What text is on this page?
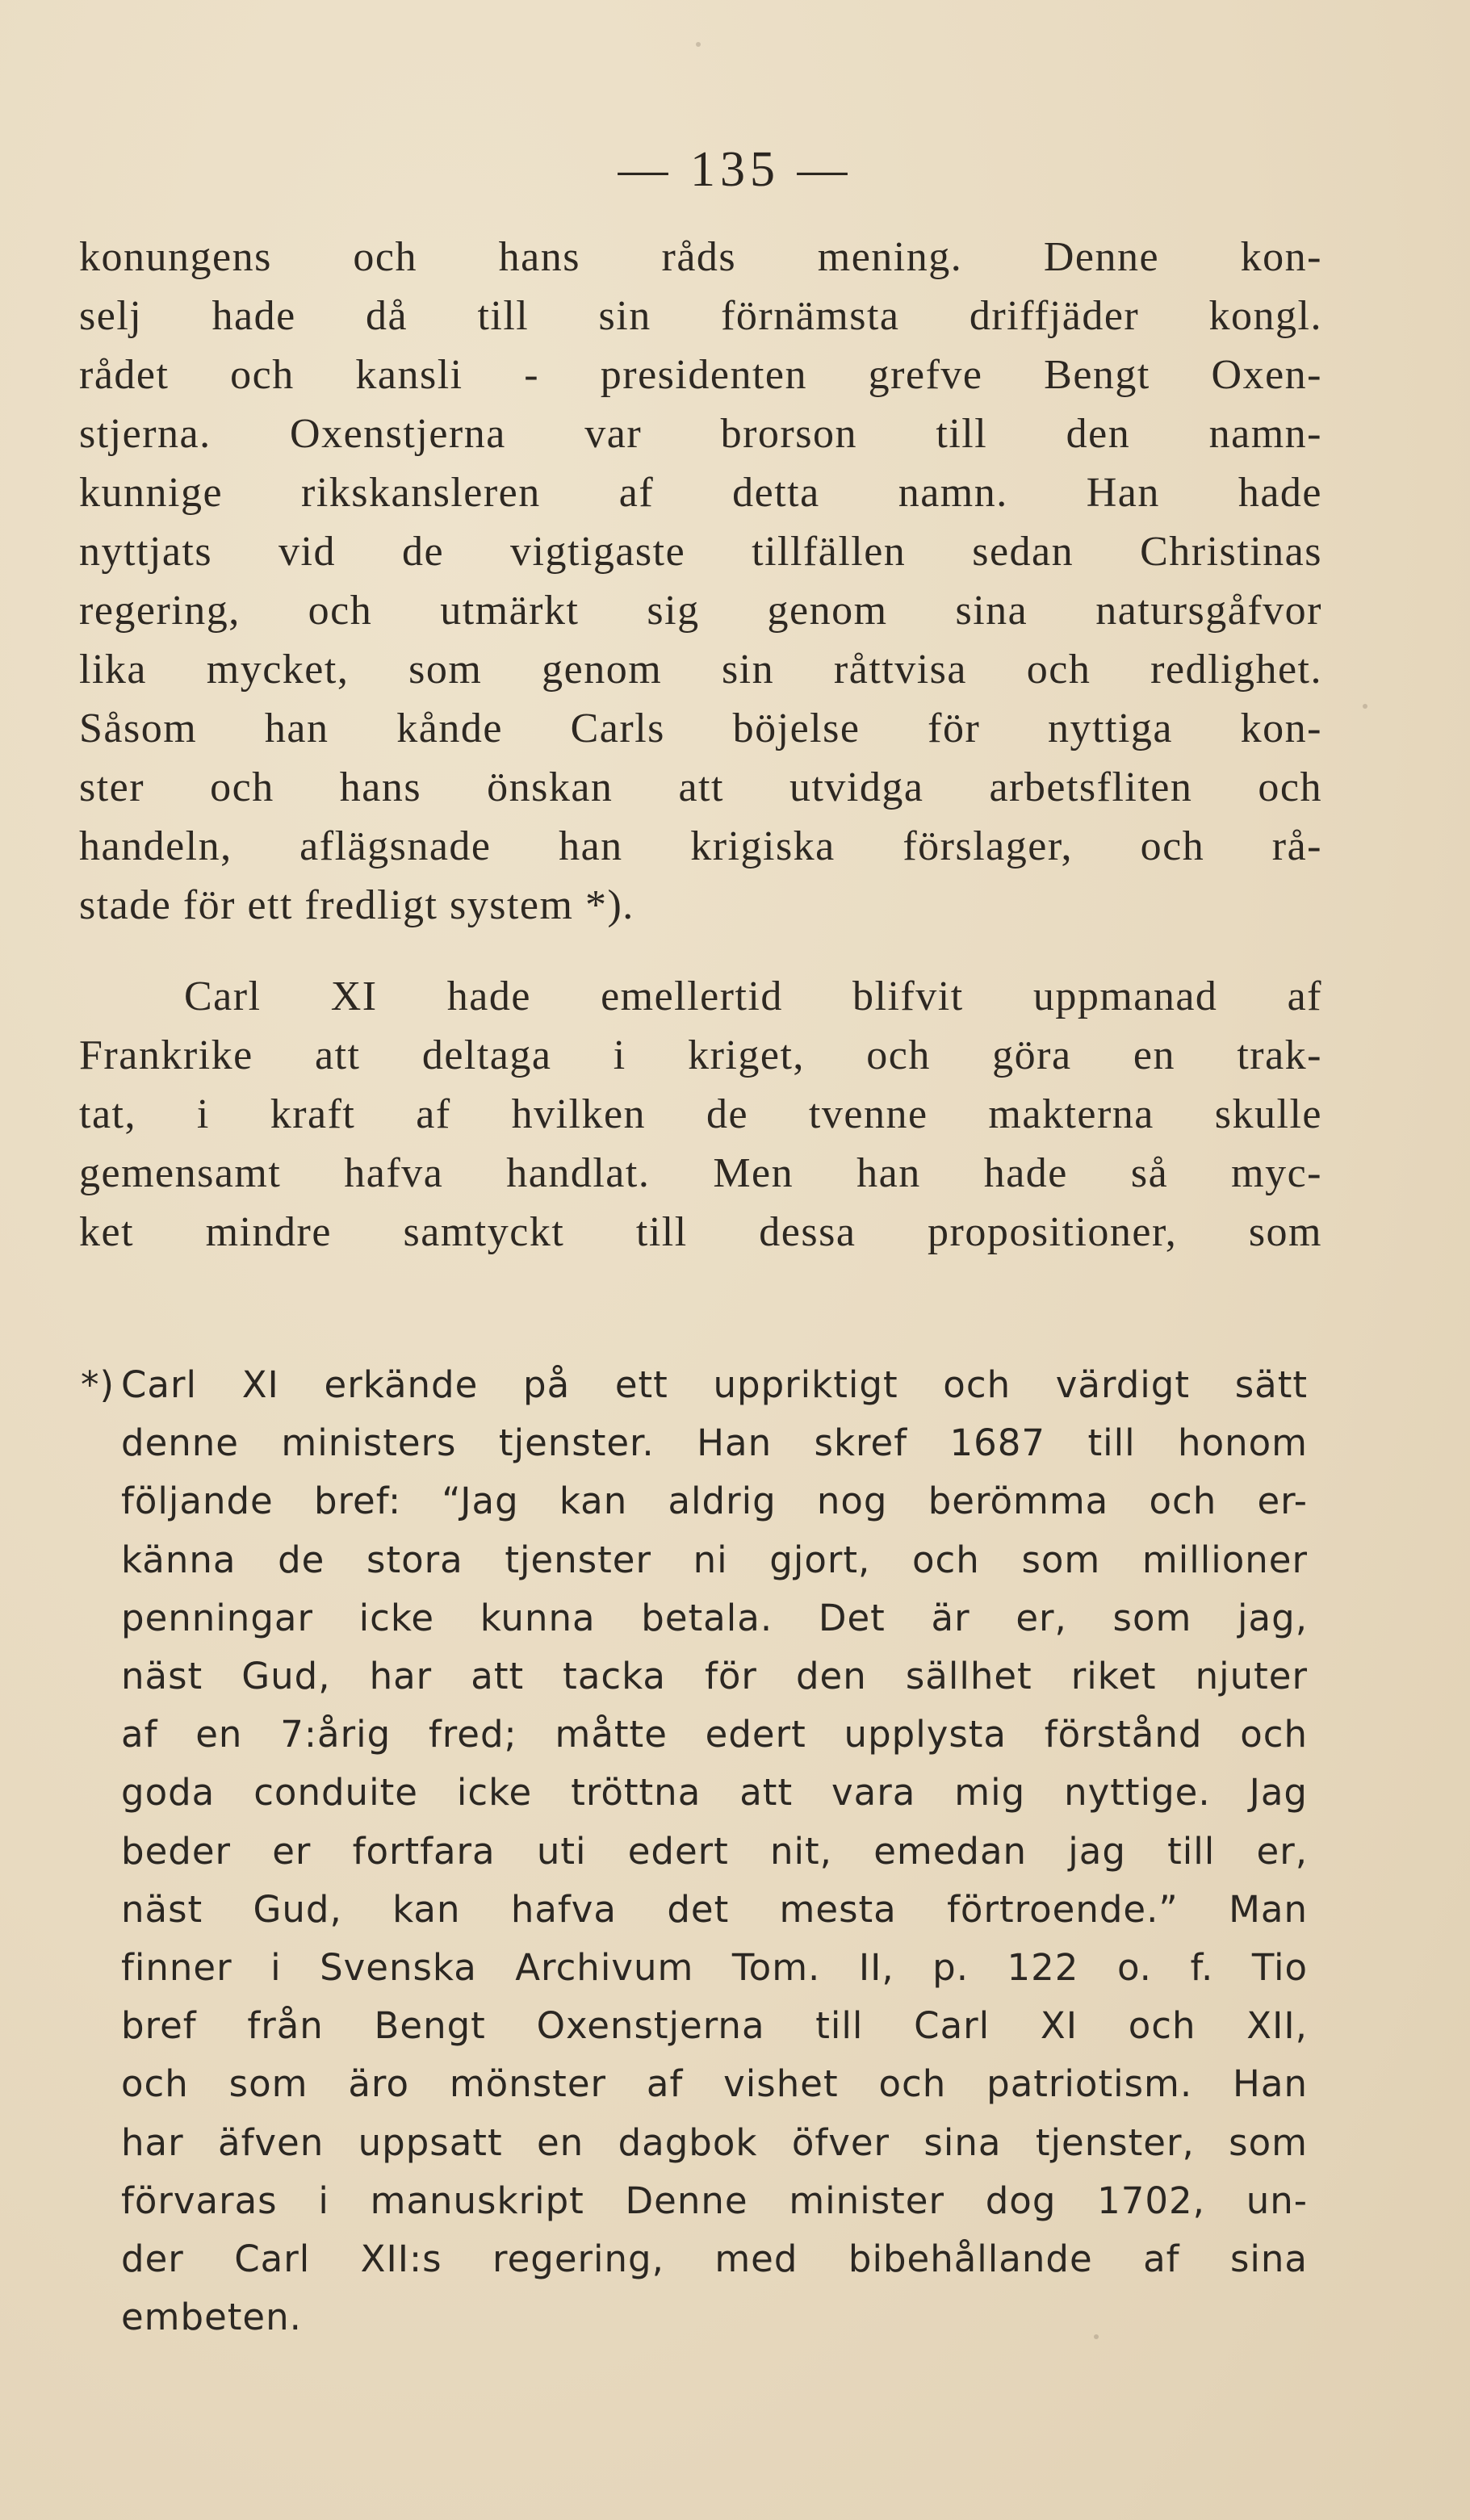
— 135 —
konungens och hans råds mening. Denne kon-
selj hade då till sin förnämsta driffjäder kongl.
rådet och kansli - presidenten grefve Bengt Oxen-
stjerna. Oxenstjerna var brorson till den namn-
kunnige rikskansleren af detta namn. Han hade
nyttjats vid de vigtigaste tillfällen sedan Christinas
regering, och utmärkt sig genom sina natursgåfvor
lika mycket, som genom sin råttvisa och redlighet.
Såsom han kånde Carls böjelse för nyttiga kon-
ster och hans önskan att utvidga arbetsfliten och
handeln, aflägsnade han krigiska förslager, och rå-
stade för ett fredligt system *).
Carl XI hade emellertid blifvit uppmanad af
Frankrike att deltaga i kriget, och göra en trak-
tat, i kraft af hvilken de tvenne makterna skulle
gemensamt hafva handlat. Men han hade så myc-
ket mindre samtyckt till dessa propositioner, som
*) Carl XI erkände på ett uppriktigt och värdigt sätt
denne ministers tjenster. Han skref 1687 till honom
följande bref: “Jag kan aldrig nog berömma och er-
känna de stora tjenster ni gjort, och som millioner
penningar icke kunna betala. Det är er, som jag,
näst Gud, har att tacka för den sällhet riket njuter
af en 7:årig fred; måtte edert upplysta förstånd och
goda conduite icke tröttna att vara mig nyttige. Jag
beder er fortfara uti edert nit, emedan jag till er,
näst Gud, kan hafva det mesta förtroende.” Man
finner i Svenska Archivum Tom. II, p. 122 o. f. Tio
bref från Bengt Oxenstjerna till Carl XI och XII,
och som äro mönster af vishet och patriotism. Han
har äfven uppsatt en dagbok öfver sina tjenster, som
förvaras i manuskript Denne minister dog 1702, un-
der Carl XII:s regering, med bibehållande af sina
embeten.
